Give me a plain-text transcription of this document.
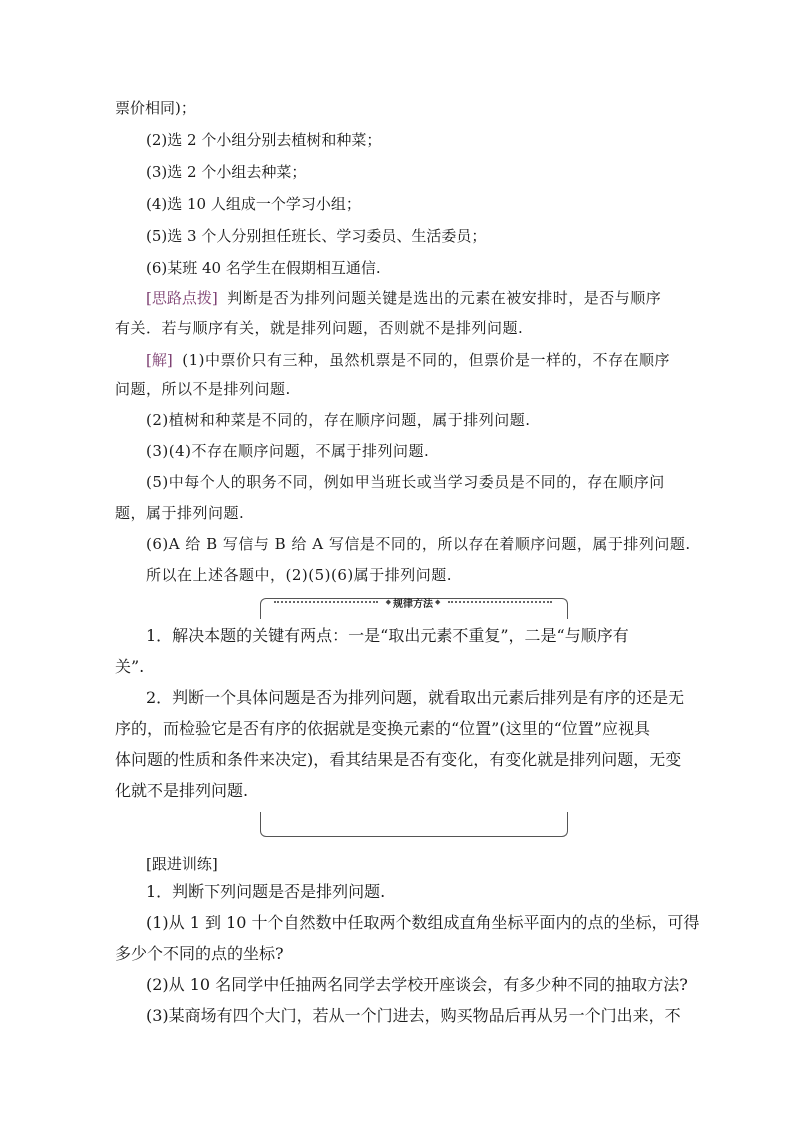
票价相同)；
(2)选 2 个小组分别去植树和种菜；
(3)选 2 个小组去种菜；
(4)选 10 人组成一个学习小组；
(5)选 3 个人分别担任班长、学习委员、生活委员；
(6)某班 40 名学生在假期相互通信.
[思路点拨] 判断是否为排列问题关键是选出的元素在被安排时，是否与顺序
有关．若与顺序有关，就是排列问题，否则就不是排列问题.
[解] (1)中票价只有三种，虽然机票是不同的，但票价是一样的，不存在顺序
问题，所以不是排列问题.
(2)植树和种菜是不同的，存在顺序问题，属于排列问题.
(3)(4)不存在顺序问题，不属于排列问题.
(5)中每个人的职务不同，例如甲当班长或当学习委员是不同的，存在顺序问
题，属于排列问题.
(6)A 给 B 写信与 B 给 A 写信是不同的，所以存在着顺序问题，属于排列问题.
所以在上述各题中，(2)(5)(6)属于排列问题.
◆ 规律方法 ◆
1．解决本题的关键有两点：一是“取出元素不重复”，二是“与顺序有
关”.
2．判断一个具体问题是否为排列问题，就看取出元素后排列是有序的还是无
序的，而检验它是否有序的依据就是变换元素的“位置”(这里的“位置”应视具
体问题的性质和条件来决定)，看其结果是否有变化，有变化就是排列问题，无变
化就不是排列问题.
[跟进训练]
1．判断下列问题是否是排列问题.
(1)从 1 到 10 十个自然数中任取两个数组成直角坐标平面内的点的坐标，可得
多少个不同的点的坐标?
(2)从 10 名同学中任抽两名同学去学校开座谈会，有多少种不同的抽取方法?
(3)某商场有四个大门，若从一个门进去，购买物品后再从另一个门出来，不
